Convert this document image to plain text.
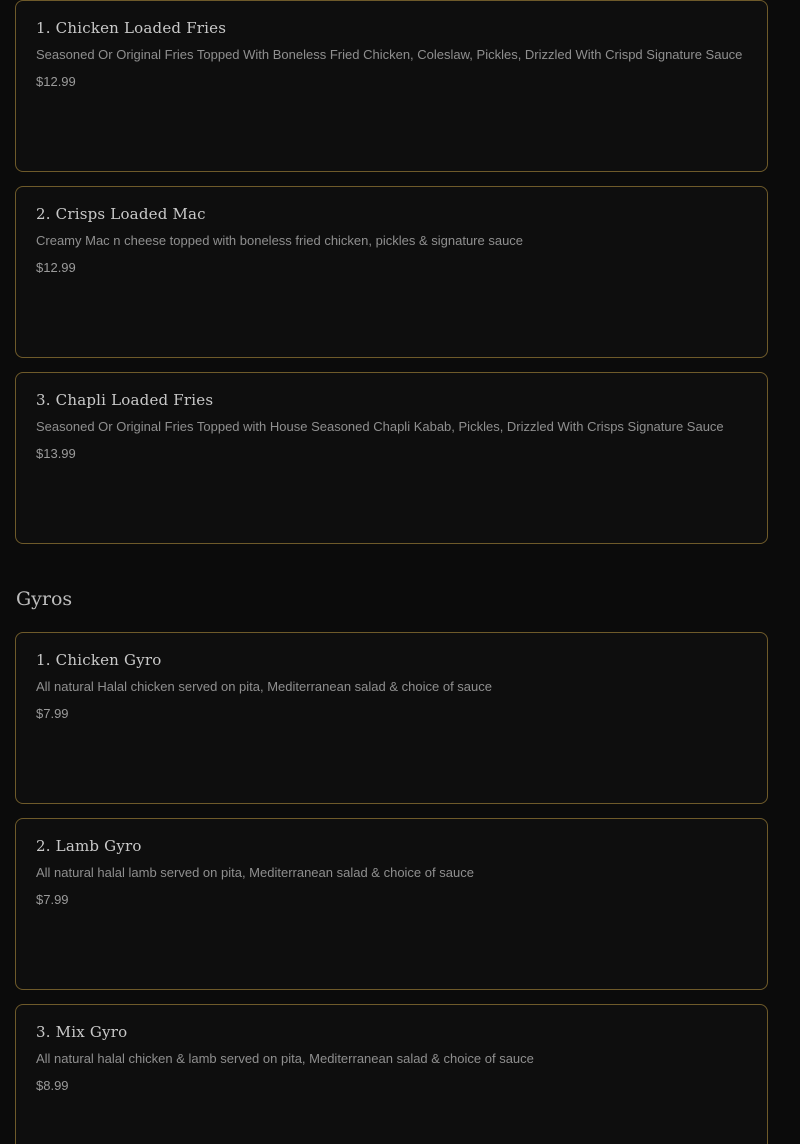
1. Chicken Loaded Fries

Seasoned Or Original Fries Topped With Boneless Fried Chicken, Coleslaw, Pickles, Drizzled With Crispd Signature Sauce

$12.99

2. Crisps Loaded Mac

Creamy Mac n cheese topped with boneless fried chicken, pickles & signature sauce

$12.99

3. Chapli Loaded Fries

Seasoned Or Original Fries Topped with House Seasoned Chapli Kabab, Pickles, Drizzled With Crisps Signature Sauce

$13.99

Gyros
1. Chicken Gyro

All natural Halal chicken served on pita, Mediterranean salad & choice of sauce

$7.99

2. Lamb Gyro

All natural halal lamb served on pita, Mediterranean salad & choice of sauce

$7.99

3. Mix Gyro

All natural halal chicken & lamb served on pita, Mediterranean salad & choice of sauce

$8.99
